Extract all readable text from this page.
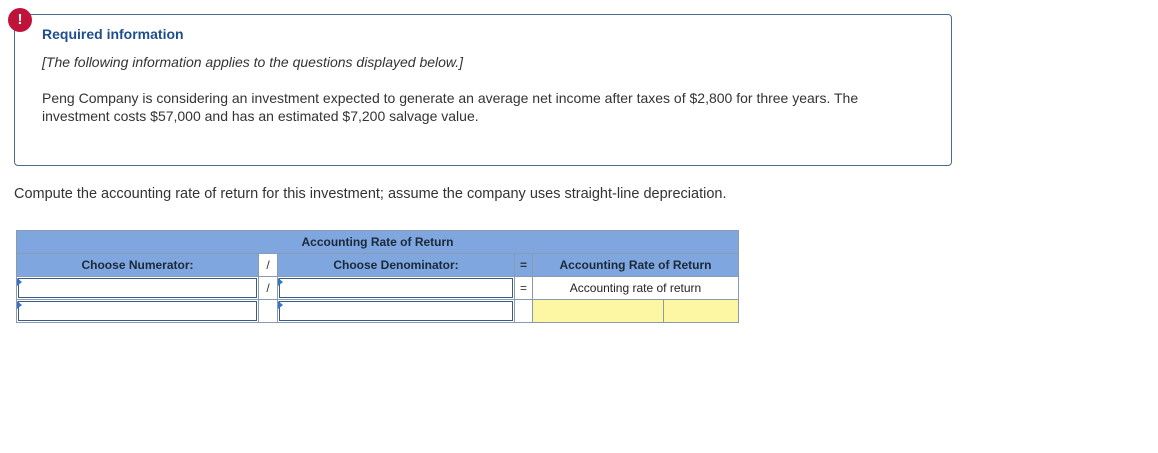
!

Required information

[The following information applies to the questions displayed below.]

Peng Company is considering an investment expected to generate an average net income after taxes of $2,800 for three years. The investment costs $57,000 and has an estimated $7,200 salvage value.

Compute the accounting rate of return for this investment; assume the company uses straight-line depreciation.

Accounting Rate of Return					
Choose Numerator:	/	Choose Denominator:	=	Accounting Rate of Return	

	/		=	Accounting rate of return	
